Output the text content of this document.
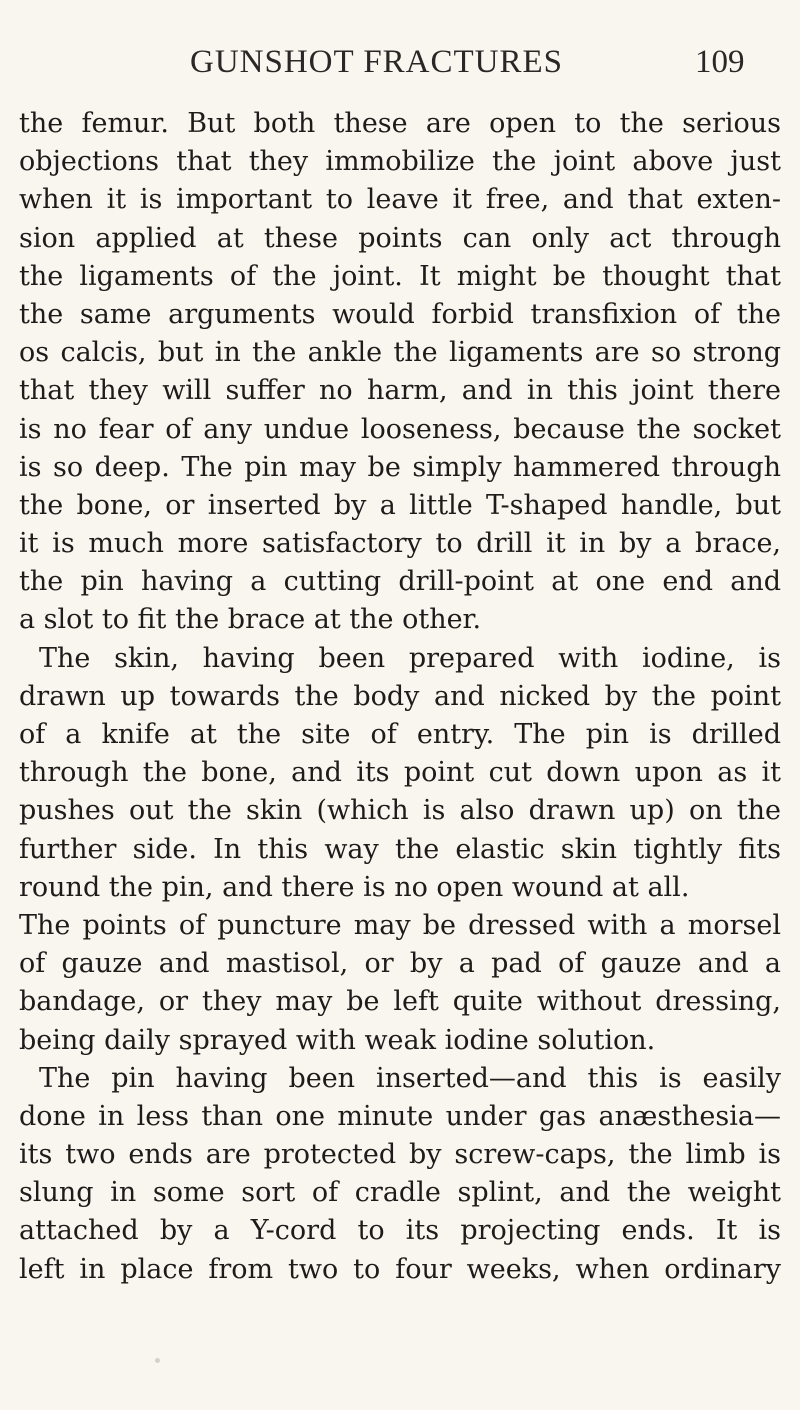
GUNSHOT FRACTURES	109
the femur. But both these are open to the serious
objections that they immobilize the joint above just
when it is important to leave it free, and that exten-
sion applied at these points can only act through
the ligaments of the joint. It might be thought that
the same arguments would forbid transfixion of the
os calcis, but in the ankle the ligaments are so strong
that they will suffer no harm, and in this joint there
is no fear of any undue looseness, because the socket
is so deep. The pin may be simply hammered through
the bone, or inserted by a little T-shaped handle, but
it is much more satisfactory to drill it in by a brace,
the pin having a cutting drill-point at one end and
a slot to fit the brace at the other.
The skin, having been prepared with iodine, is
drawn up towards the body and nicked by the point
of a knife at the site of entry. The pin is drilled
through the bone, and its point cut down upon as it
pushes out the skin (which is also drawn up) on the
further side. In this way the elastic skin tightly fits
round the pin, and there is no open wound at all.
The points of puncture may be dressed with a morsel
of gauze and mastisol, or by a pad of gauze and a
bandage, or they may be left quite without dressing,
being daily sprayed with weak iodine solution.
The pin having been inserted—and this is easily
done in less than one minute under gas anæsthesia—
its two ends are protected by screw-caps, the limb is
slung in some sort of cradle splint, and the weight
attached by a Y-cord to its projecting ends. It is
left in place from two to four weeks, when ordinary
